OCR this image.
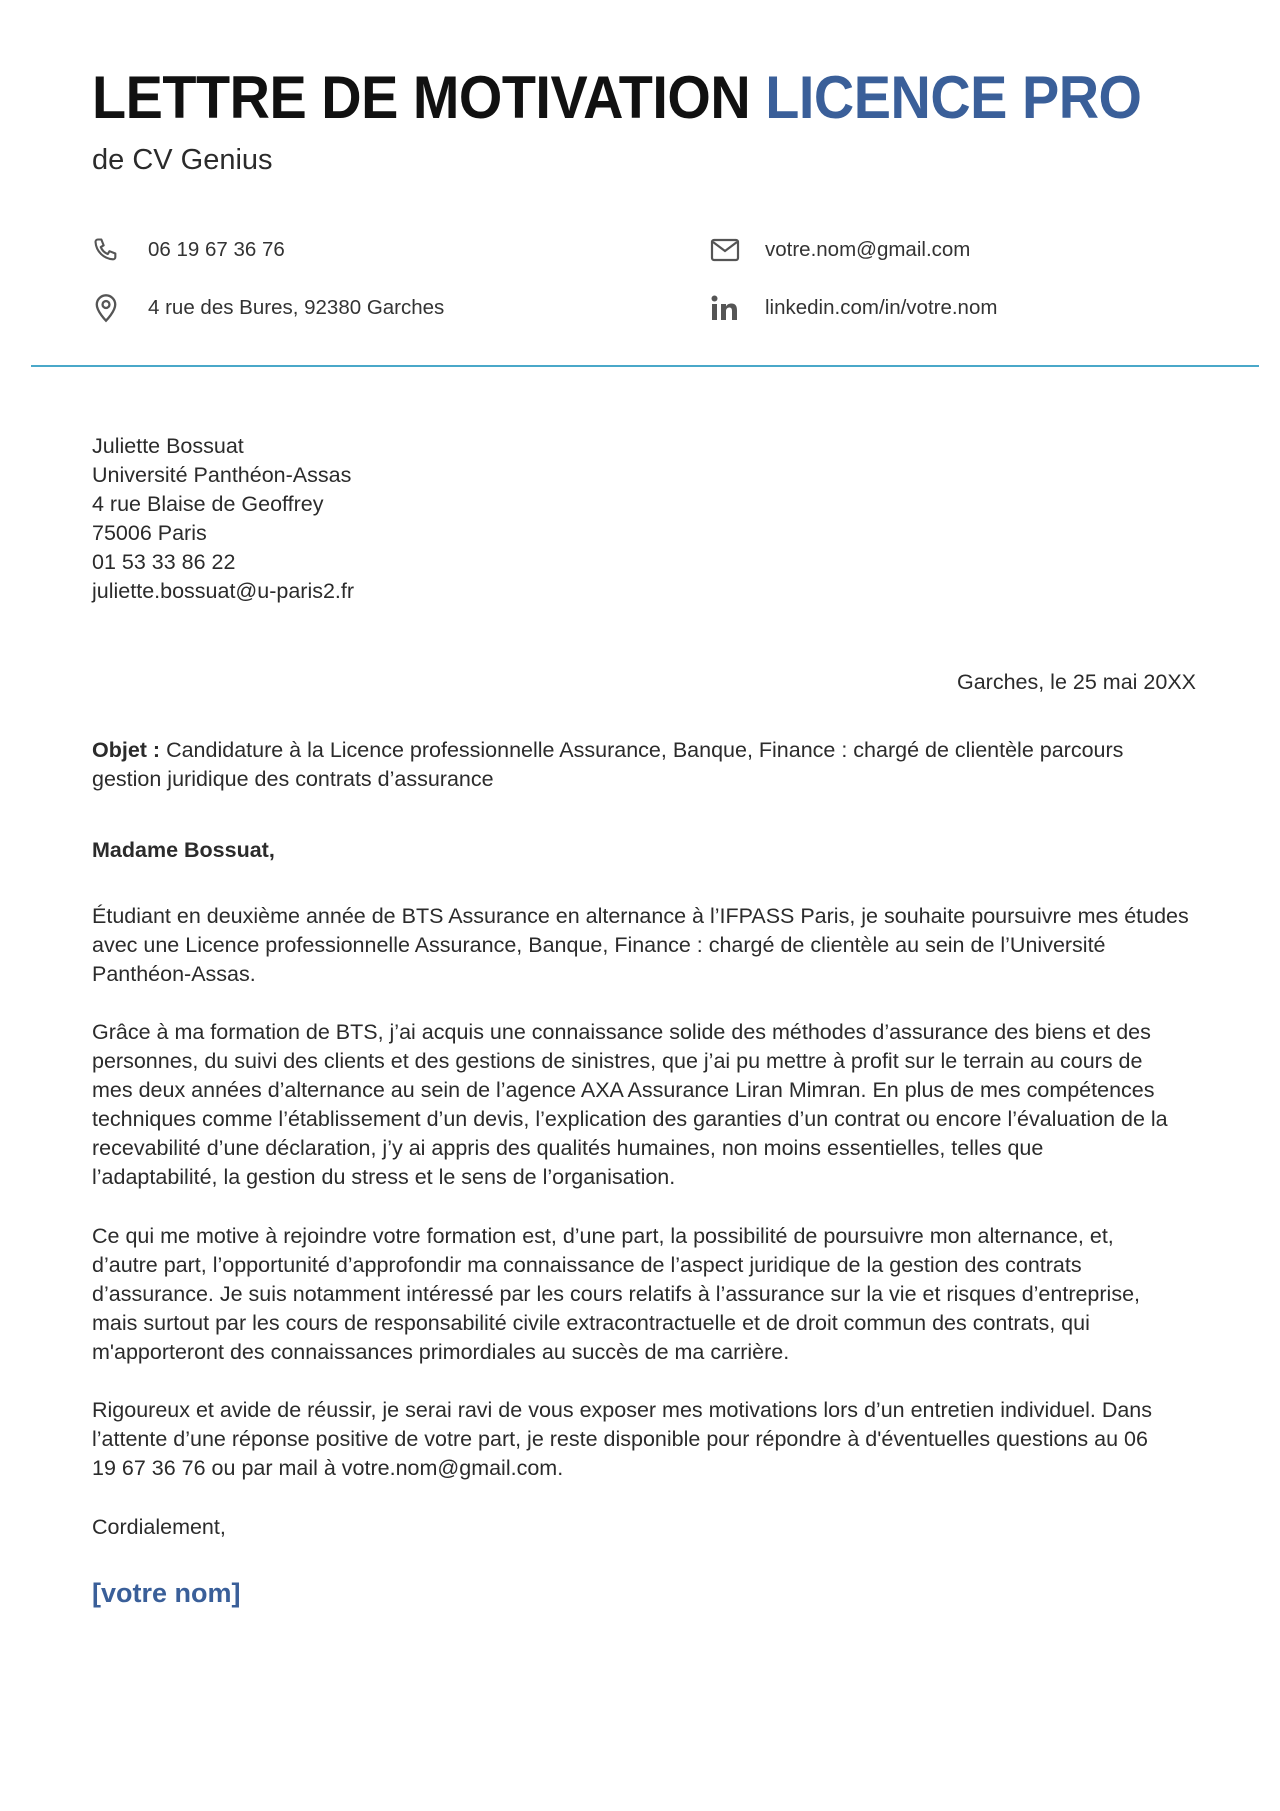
LETTRE DE MOTIVATION LICENCE PRO
de CV Genius
06 19 67 36 76
4 rue des Bures, 92380 Garches
votre.nom@gmail.com
linkedin.com/in/votre.nom
Juliette Bossuat
Université Panthéon-Assas
4 rue Blaise de Geoffrey
75006 Paris
01 53 33 86 22
juliette.bossuat@u-paris2.fr
Garches, le 25 mai 20XX
Objet : Candidature à la Licence professionnelle Assurance, Banque, Finance : chargé de clientèle parcours
gestion juridique des contrats d’assurance
Madame Bossuat,
Étudiant en deuxième année de BTS Assurance en alternance à l’IFPASS Paris, je souhaite poursuivre mes études
avec une Licence professionnelle Assurance, Banque, Finance : chargé de clientèle au sein de l’Université
Panthéon-Assas.
Grâce à ma formation de BTS, j’ai acquis une connaissance solide des méthodes d’assurance des biens et des
personnes, du suivi des clients et des gestions de sinistres, que j’ai pu mettre à profit sur le terrain au cours de
mes deux années d’alternance au sein de l’agence AXA Assurance Liran Mimran. En plus de mes compétences
techniques comme l’établissement d’un devis, l’explication des garanties d’un contrat ou encore l’évaluation de la
recevabilité d’une déclaration, j’y ai appris des qualités humaines, non moins essentielles, telles que
l’adaptabilité, la gestion du stress et le sens de l’organisation.
Ce qui me motive à rejoindre votre formation est, d’une part, la possibilité de poursuivre mon alternance, et,
d’autre part, l’opportunité d’approfondir ma connaissance de l’aspect juridique de la gestion des contrats
d’assurance. Je suis notamment intéressé par les cours relatifs à l’assurance sur la vie et risques d’entreprise,
mais surtout par les cours de responsabilité civile extracontractuelle et de droit commun des contrats, qui
m'apporteront des connaissances primordiales au succès de ma carrière.
Rigoureux et avide de réussir, je serai ravi de vous exposer mes motivations lors d’un entretien individuel. Dans
l’attente d’une réponse positive de votre part, je reste disponible pour répondre à d'éventuelles questions au 06
19 67 36 76 ou par mail à votre.nom@gmail.com.
Cordialement,
[votre nom]
